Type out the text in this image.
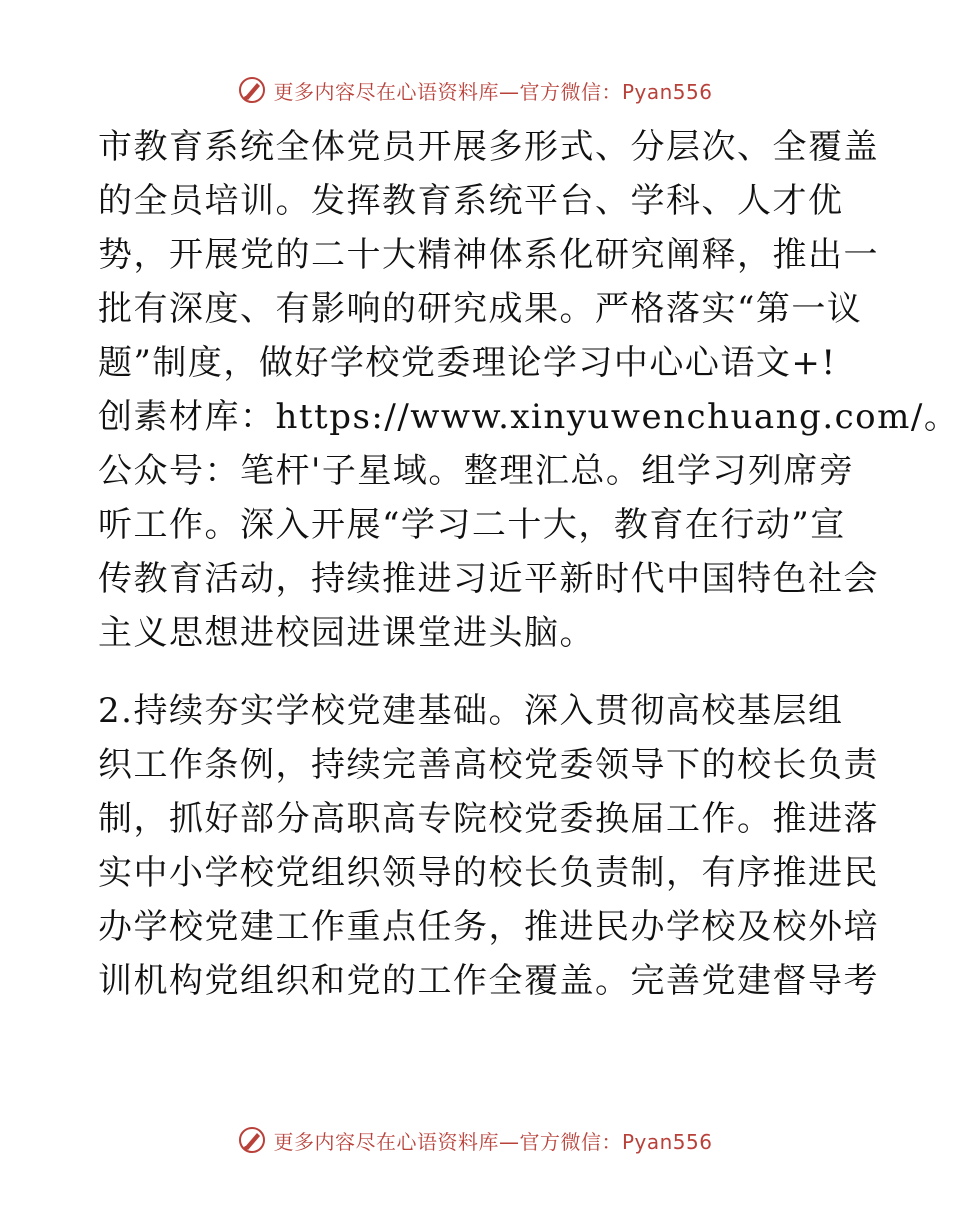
更多内容尽在心语资料库—官方微信：Pyan556
市教育系统全体党员开展多形式、分层次、全覆盖
的全员培训。发挥教育系统平台、学科、人才优
势，开展党的二十大精神体系化研究阐释，推出一
批有深度、有影响的研究成果。严格落实“第一议
题”制度，做好学校党委理论学习中心心语文+!
创素材库：https://www.xinyuwenchuang.com/。
公众号：笔杆'子星域。整理汇总。组学习列席旁
听工作。深入开展“学习二十大，教育在行动”宣
传教育活动，持续推进习近平新时代中国特色社会
主义思想进校园进课堂进头脑。
2.持续夯实学校党建基础。深入贯彻高校基层组
织工作条例，持续完善高校党委领导下的校长负责
制，抓好部分高职高专院校党委换届工作。推进落
实中小学校党组织领导的校长负责制，有序推进民
办学校党建工作重点任务，推进民办学校及校外培
训机构党组织和党的工作全覆盖。完善党建督导考
更多内容尽在心语资料库—官方微信：Pyan556
